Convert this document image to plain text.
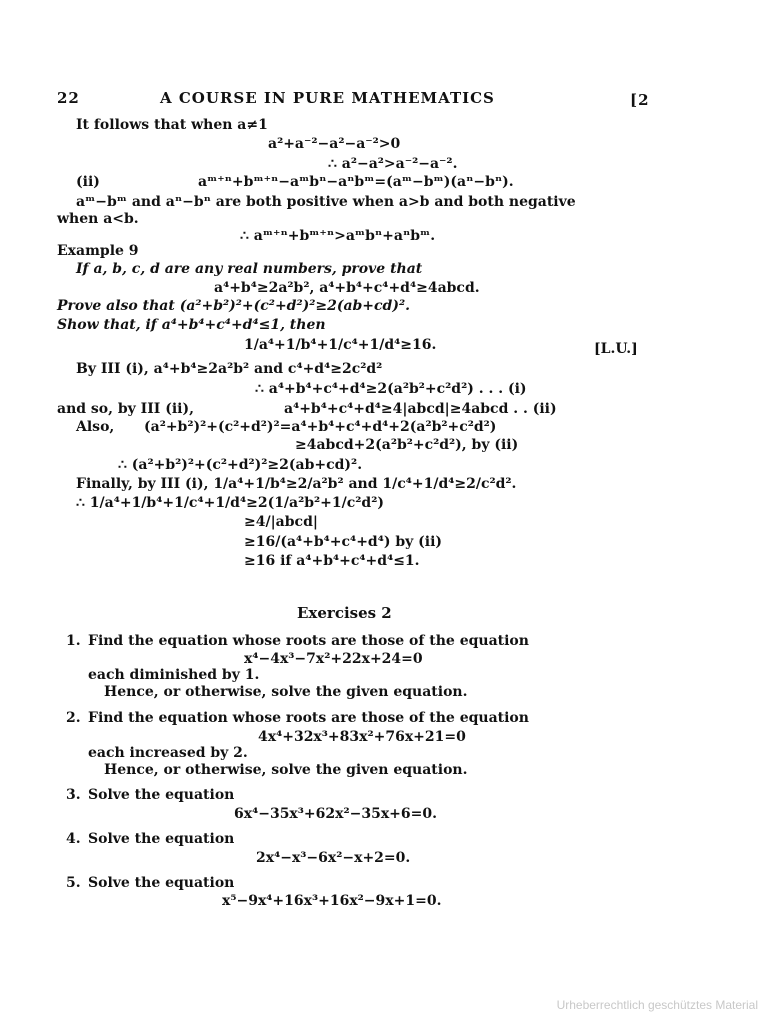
22	A COURSE IN PURE MATHEMATICS	[2
It follows that when a≠1
a²+a⁻²−a²−a⁻²>0
∴ a²−a²>a⁻²−a⁻².
(ii)	aᵐ⁺ⁿ+bᵐ⁺ⁿ−aᵐbⁿ−aⁿbᵐ=(aᵐ−bᵐ)(aⁿ−bⁿ).
aᵐ−bᵐ and aⁿ−bⁿ are both positive when a>b and both negative
when a<b.
∴ aᵐ⁺ⁿ+bᵐ⁺ⁿ>aᵐbⁿ+aⁿbᵐ.
Example 9
If a, b, c, d are any real numbers, prove that
a⁴+b⁴≥2a²b², a⁴+b⁴+c⁴+d⁴≥4abcd.
Prove also that (a²+b²)²+(c²+d²)²≥2(ab+cd)².
Show that, if a⁴+b⁴+c⁴+d⁴≤1, then
1/a⁴+1/b⁴+1/c⁴+1/d⁴≥16.	[L.U.]
By III (i), a⁴+b⁴≥2a²b² and c⁴+d⁴≥2c²d²
∴ a⁴+b⁴+c⁴+d⁴≥2(a²b²+c²d²) . . . (i)
and so, by III (ii),	a⁴+b⁴+c⁴+d⁴≥4|abcd|≥4abcd . . (ii)
Also, (a²+b²)²+(c²+d²)²=a⁴+b⁴+c⁴+d⁴+2(a²b²+c²d²)
≥4abcd+2(a²b²+c²d²), by (ii)
∴ (a²+b²)²+(c²+d²)²≥2(ab+cd)².
Finally, by III (i), 1/a⁴+1/b⁴≥2/a²b² and 1/c⁴+1/d⁴≥2/c²d².
∴ 1/a⁴+1/b⁴+1/c⁴+1/d⁴≥2(1/a²b²+1/c²d²)
≥4/|abcd|
≥16/(a⁴+b⁴+c⁴+d⁴) by (ii)
≥16 if a⁴+b⁴+c⁴+d⁴≤1.
Exercises 2
1. Find the equation whose roots are those of the equation
x⁴−4x³−7x²+22x+24=0
each diminished by 1.
Hence, or otherwise, solve the given equation.
2. Find the equation whose roots are those of the equation
4x⁴+32x³+83x²+76x+21=0
each increased by 2.
Hence, or otherwise, solve the given equation.
3. Solve the equation
6x⁴−35x³+62x²−35x+6=0.
4. Solve the equation
2x⁴−x³−6x²−x+2=0.
5. Solve the equation
x⁵−9x⁴+16x³+16x²−9x+1=0.
Urheberrechtlich geschütztes Material
